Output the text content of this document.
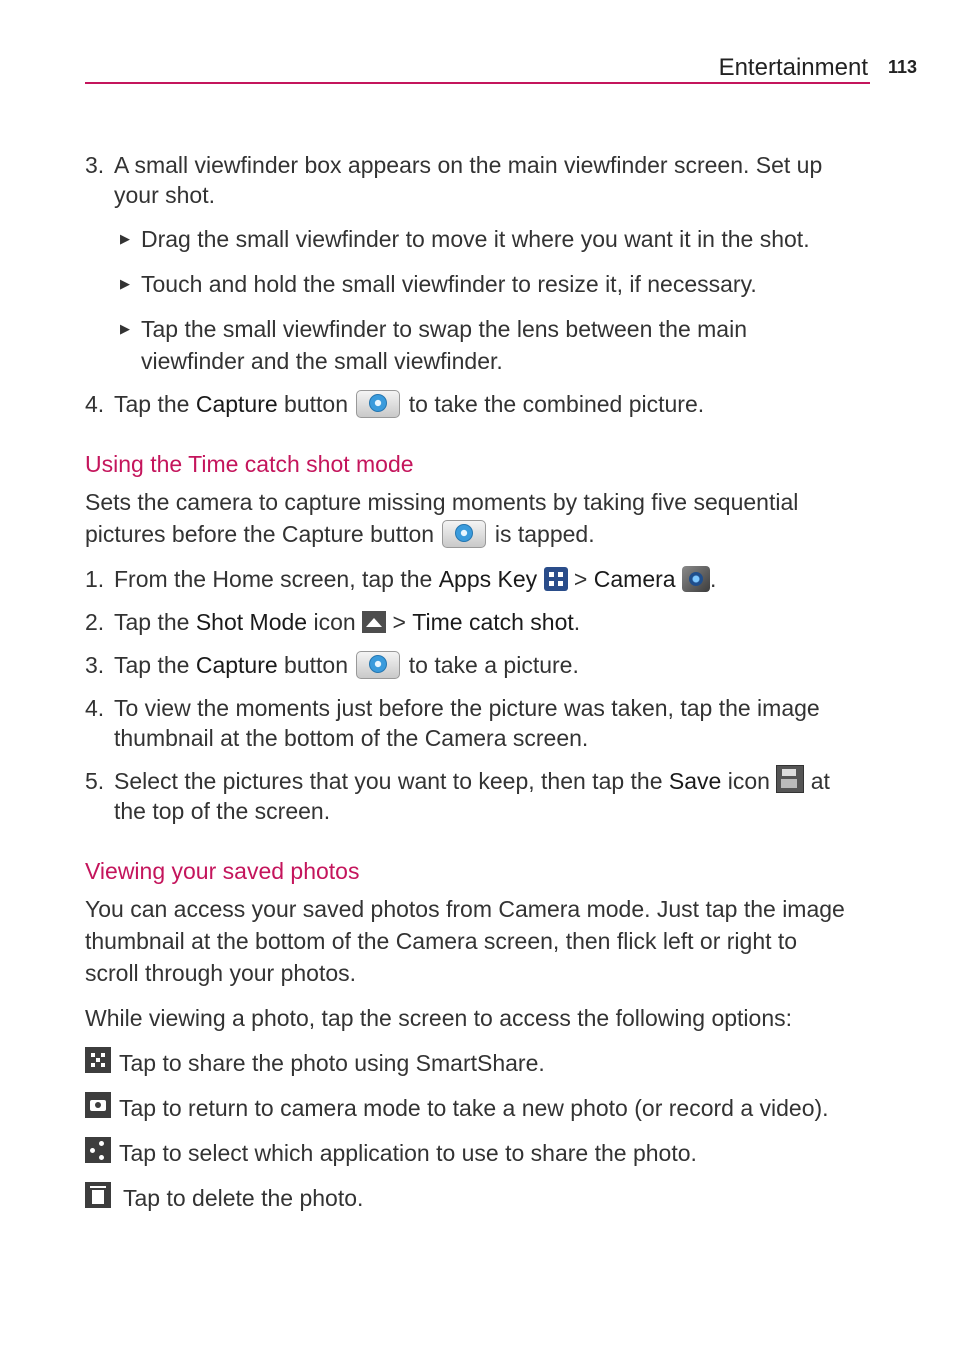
Entertainment 113
3. A small viewfinder box appears on the main viewfinder screen. Set up
your shot.
▶ Drag the small viewfinder to move it where you want it in the shot.
▶ Touch and hold the small viewfinder to resize it, if necessary.
▶ Tap the small viewfinder to swap the lens between the main
viewfinder and the small viewfinder.
4. Tap the Capture button  to take the combined picture.
Using the Time catch shot mode
Sets the camera to capture missing moments by taking five sequential
pictures before the Capture button  is tapped.
1. From the Home screen, tap the Apps Key  > Camera .
2. Tap the Shot Mode icon  > Time catch shot.
3. Tap the Capture button  to take a picture.
4. To view the moments just before the picture was taken, tap the image
thumbnail at the bottom of the Camera screen.
5. Select the pictures that you want to keep, then tap the Save icon  at
the top of the screen.
Viewing your saved photos
You can access your saved photos from Camera mode. Just tap the image
thumbnail at the bottom of the Camera screen, then flick left or right to
scroll through your photos.
While viewing a photo, tap the screen to access the following options:
Tap to share the photo using SmartShare.
Tap to return to camera mode to take a new photo (or record a video).
Tap to select which application to use to share the photo.
Tap to delete the photo.
